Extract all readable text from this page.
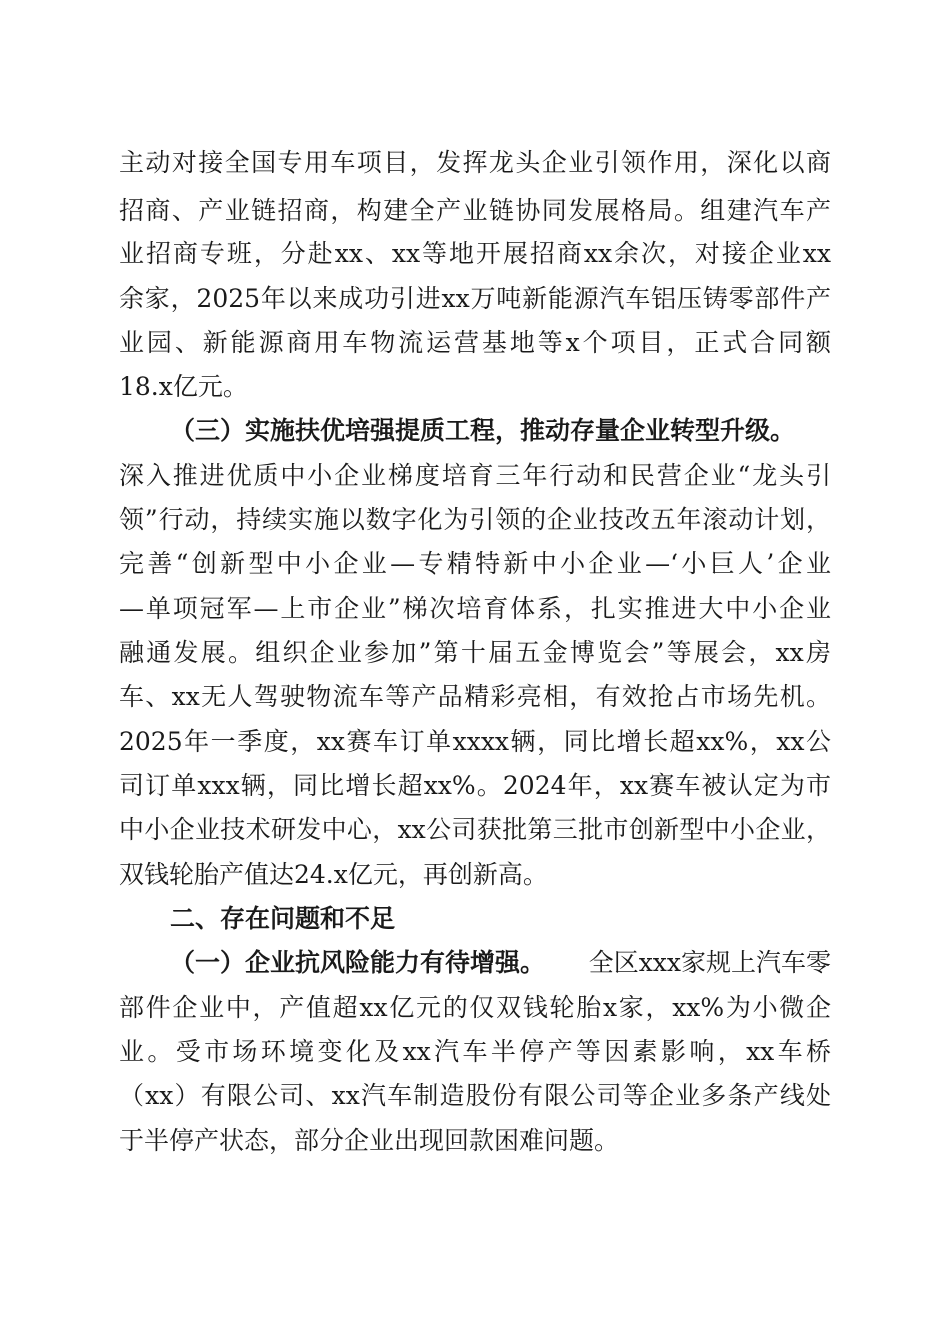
主动对接全国专用车项目，发挥龙头企业引领作用，深化以商
招商、产业链招商，构建全产业链协同发展格局。组建汽车产
业招商专班，分赴xx、xx等地开展招商xx余次，对接企业xx
余家，2025年以来成功引进xx万吨新能源汽车铝压铸零部件产
业园、新能源商用车物流运营基地等x个项目，正式合同额
18.x亿元。
（三）实施扶优培强提质工程，推动存量企业转型升级。
深入推进优质中小企业梯度培育三年行动和民营企业“龙头引
领”行动，持续实施以数字化为引领的企业技改五年滚动计划，
完善“创新型中小企业—专精特新中小企业—‘小巨人’企业
—单项冠军—上市企业”梯次培育体系，扎实推进大中小企业
融通发展。组织企业参加”第十届五金博览会”等展会，xx房
车、xx无人驾驶物流车等产品精彩亮相，有效抢占市场先机。
2025年一季度，xx赛车订单xxxx辆，同比增长超xx%，xx公
司订单xxx辆，同比增长超xx%。2024年，xx赛车被认定为市
中小企业技术研发中心，xx公司获批第三批市创新型中小企业，
双钱轮胎产值达24.x亿元，再创新高。
二、存在问题和不足
（一）企业抗风险能力有待增强。 全区xxx家规上汽车零
部件企业中，产值超xx亿元的仅双钱轮胎x家，xx%为小微企
业。受市场环境变化及xx汽车半停产等因素影响，xx车桥
（xx）有限公司、xx汽车制造股份有限公司等企业多条产线处
于半停产状态，部分企业出现回款困难问题。
